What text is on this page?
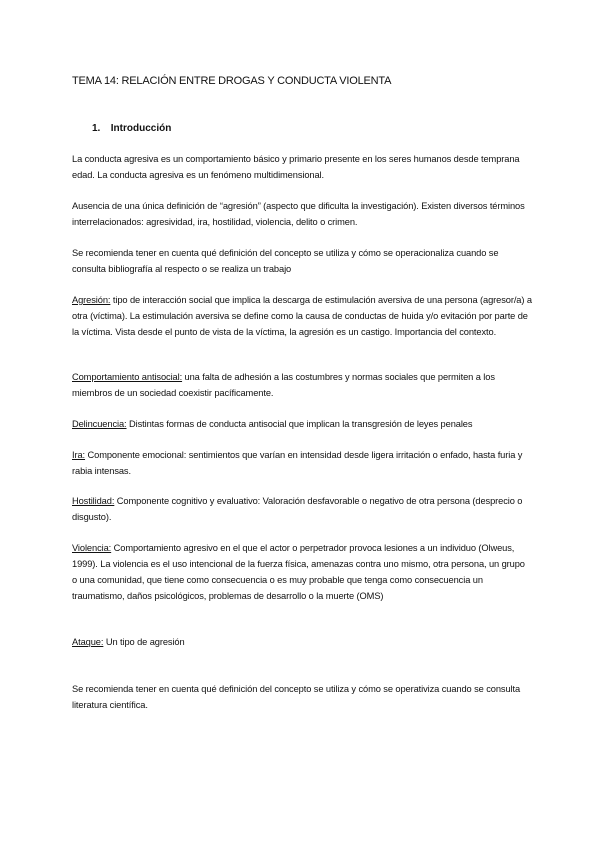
TEMA 14: RELACIÓN ENTRE DROGAS Y CONDUCTA VIOLENTA
1. Introducción
La conducta agresiva es un comportamiento básico y primario presente en los seres humanos desde temprana edad. La conducta agresiva es un fenómeno multidimensional.
Ausencia de una única definición de “agresión” (aspecto que dificulta la investigación). Existen diversos términos interrelacionados: agresividad, ira, hostilidad, violencia, delito o crimen.
Se recomienda tener en cuenta qué definición del concepto se utiliza y cómo se operacionaliza cuando se consulta bibliografía al respecto o se realiza un trabajo
Agresión: tipo de interacción social que implica la descarga de estimulación aversiva de una persona (agresor/a) a otra (víctima). La estimulación aversiva se define como la causa de conductas de huida y/o evitación por parte de la víctima. Vista desde el punto de vista de la víctima, la agresión es un castigo. Importancia del contexto.
Comportamiento antisocial: una falta de adhesión a las costumbres y normas sociales que permiten a los miembros de un sociedad coexistir pacíficamente.
Delincuencia: Distintas formas de conducta antisocial que implican la transgresión de leyes penales
Ira: Componente emocional: sentimientos que varían en intensidad desde ligera irritación o enfado, hasta furia y rabia intensas.
Hostilidad: Componente cognitivo y evaluativo: Valoración desfavorable o negativo de otra persona (desprecio o disgusto).
Violencia: Comportamiento agresivo en el que el actor o perpetrador provoca lesiones a un individuo (Olweus, 1999). La violencia es el uso intencional de la fuerza física, amenazas contra uno mismo, otra persona, un grupo o una comunidad, que tiene como consecuencia o es muy probable que tenga como consecuencia un traumatismo, daños psicológicos, problemas de desarrollo o la muerte (OMS)
Ataque: Un tipo de agresión
Se recomienda tener en cuenta qué definición del concepto se utiliza y cómo se operativiza cuando se consulta literatura científica.
